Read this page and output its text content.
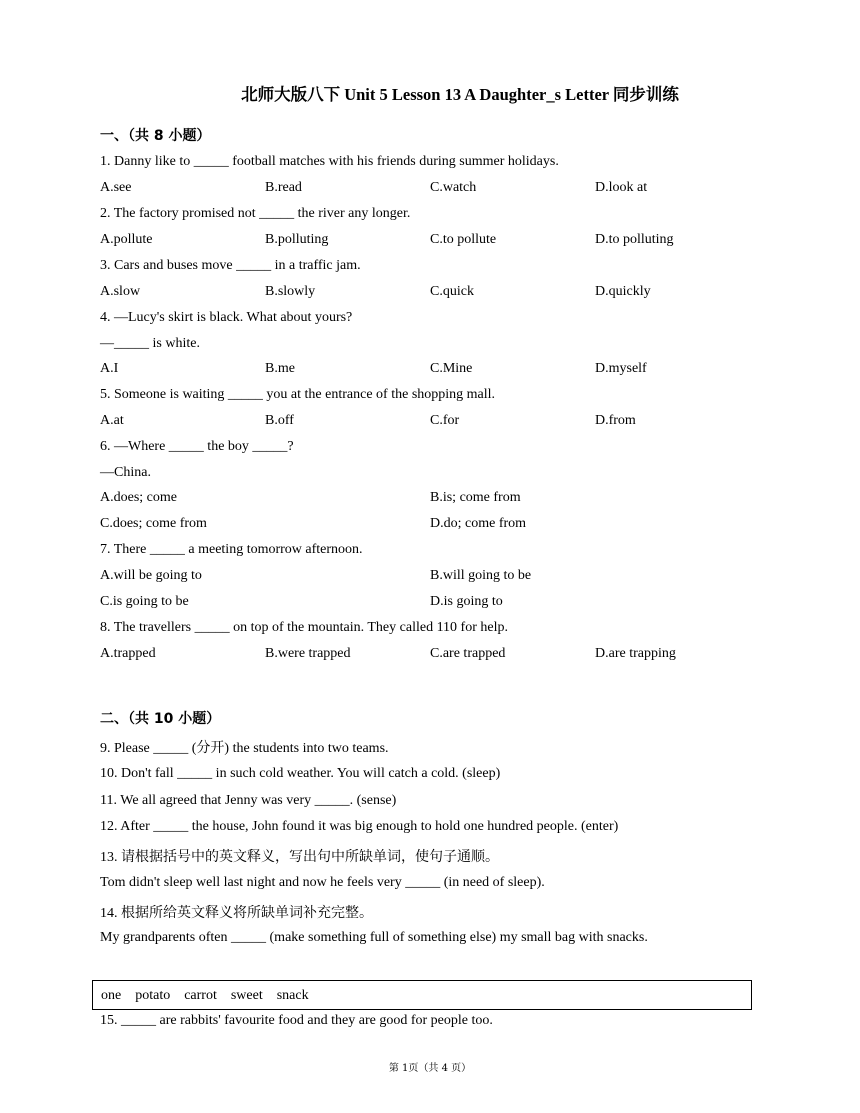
北师大版八下 Unit 5 Lesson 13 A Daughter_s Letter 同步训练
一、（共 8 小题）
1. Danny like to _____ football matches with his friends during summer holidays.
A.see	B.read	C.watch	D.look at
2. The factory promised not _____ the river any longer.
A.pollute	B.polluting	C.to pollute	D.to polluting
3. Cars and buses move _____ in a traffic jam.
A.slow	B.slowly	C.quick	D.quickly
4. —Lucy's skirt is black. What about yours?
—_____ is white.
A.I	B.me	C.Mine	D.myself
5. Someone is waiting _____ you at the entrance of the shopping mall.
A.at	B.off	C.for	D.from
6. —Where _____ the boy _____?
—China.
A.does; come	B.is; come from
C.does; come from	D.do; come from
7. There _____ a meeting tomorrow afternoon.
A.will be going to	B.will going to be
C.is going to be	D.is going to
8. The travellers _____ on top of the mountain. They called 110 for help.
A.trapped	B.were trapped	C.are trapped	D.are trapping
二、（共 10 小题）
9. Please _____ (分开) the students into two teams.
10. Don't fall _____ in such cold weather. You will catch a cold. (sleep)
11. We all agreed that Jenny was very _____. (sense)
12. After _____ the house, John found it was big enough to hold one hundred people. (enter)
13. 请根据括号中的英文释义，写出句中所缺单词，使句子通顺。
Tom didn't sleep well last night and now he feels very _____ (in need of sleep).
14. 根据所给英文释义将所缺单词补充完整。
My grandparents often _____ (make something full of something else) my small bag with snacks.
one    potato    carrot    sweet    snack
15. _____ are rabbits' favourite food and they are good for people too.
第 1页（共 4 页）
